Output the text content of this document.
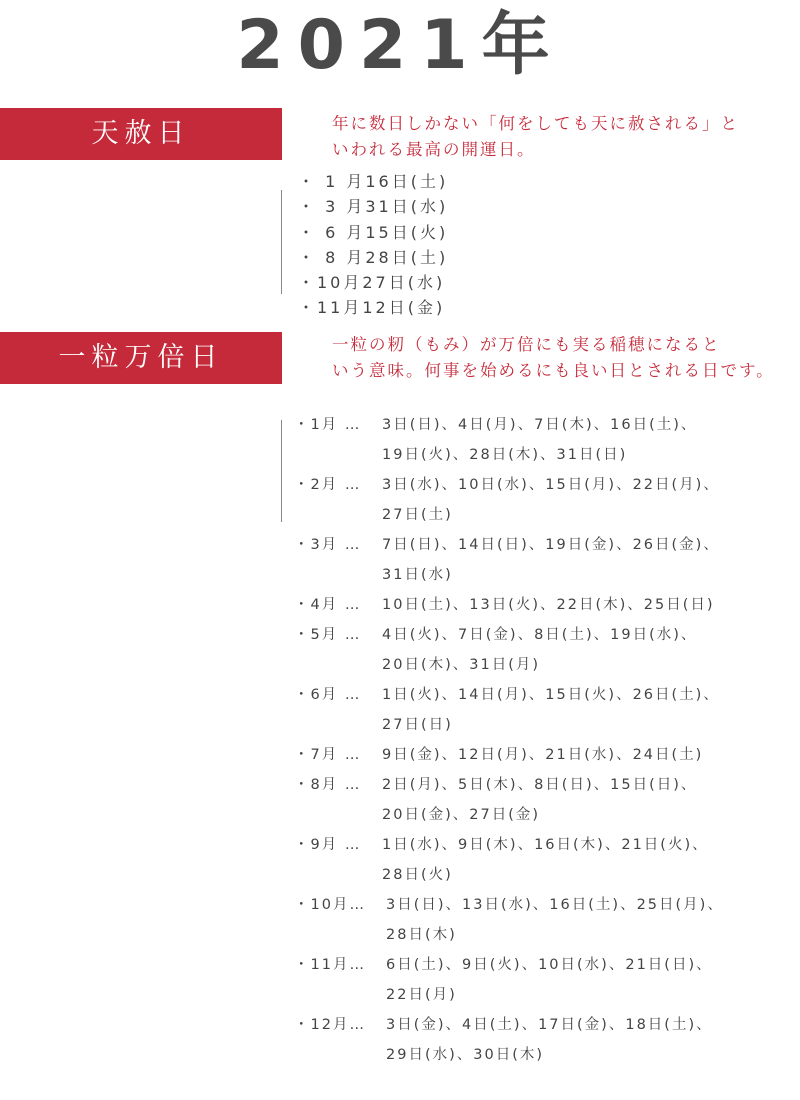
2021年
天赦日	年に数日しかない「何をしても天に赦される」と
いわれる最高の開運日。
・ 1 月16日(土)
・ 3 月31日(水)
・ 6 月15日(火)
・ 8 月28日(土)
・10月27日(水)
・11月12日(金)
一粒万倍日	一粒の籾（もみ）が万倍にも実る稲穂になると
いう意味。何事を始めるにも良い日とされる日です。
・1月 …	3日(日)、4日(月)、7日(木)、16日(土)、
19日(火)、28日(木)、31日(日)
・2月 …	3日(水)、10日(水)、15日(月)、22日(月)、
27日(土)
・3月 …	7日(日)、14日(日)、19日(金)、26日(金)、
31日(水)
・4月 …	10日(土)、13日(火)、22日(木)、25日(日)
・5月 …	4日(火)、7日(金)、8日(土)、19日(水)、
20日(木)、31日(月)
・6月 …	1日(火)、14日(月)、15日(火)、26日(土)、
27日(日)
・7月 …	9日(金)、12日(月)、21日(水)、24日(土)
・8月 …	2日(月)、5日(木)、8日(日)、15日(日)、
20日(金)、27日(金)
・9月 …	1日(水)、9日(木)、16日(木)、21日(火)、
28日(火)
・10月…	3日(日)、13日(水)、16日(土)、25日(月)、
28日(木)
・11月…	6日(土)、9日(火)、10日(水)、21日(日)、
22日(月)
・12月…	3日(金)、4日(土)、17日(金)、18日(土)、
29日(水)、30日(木)
